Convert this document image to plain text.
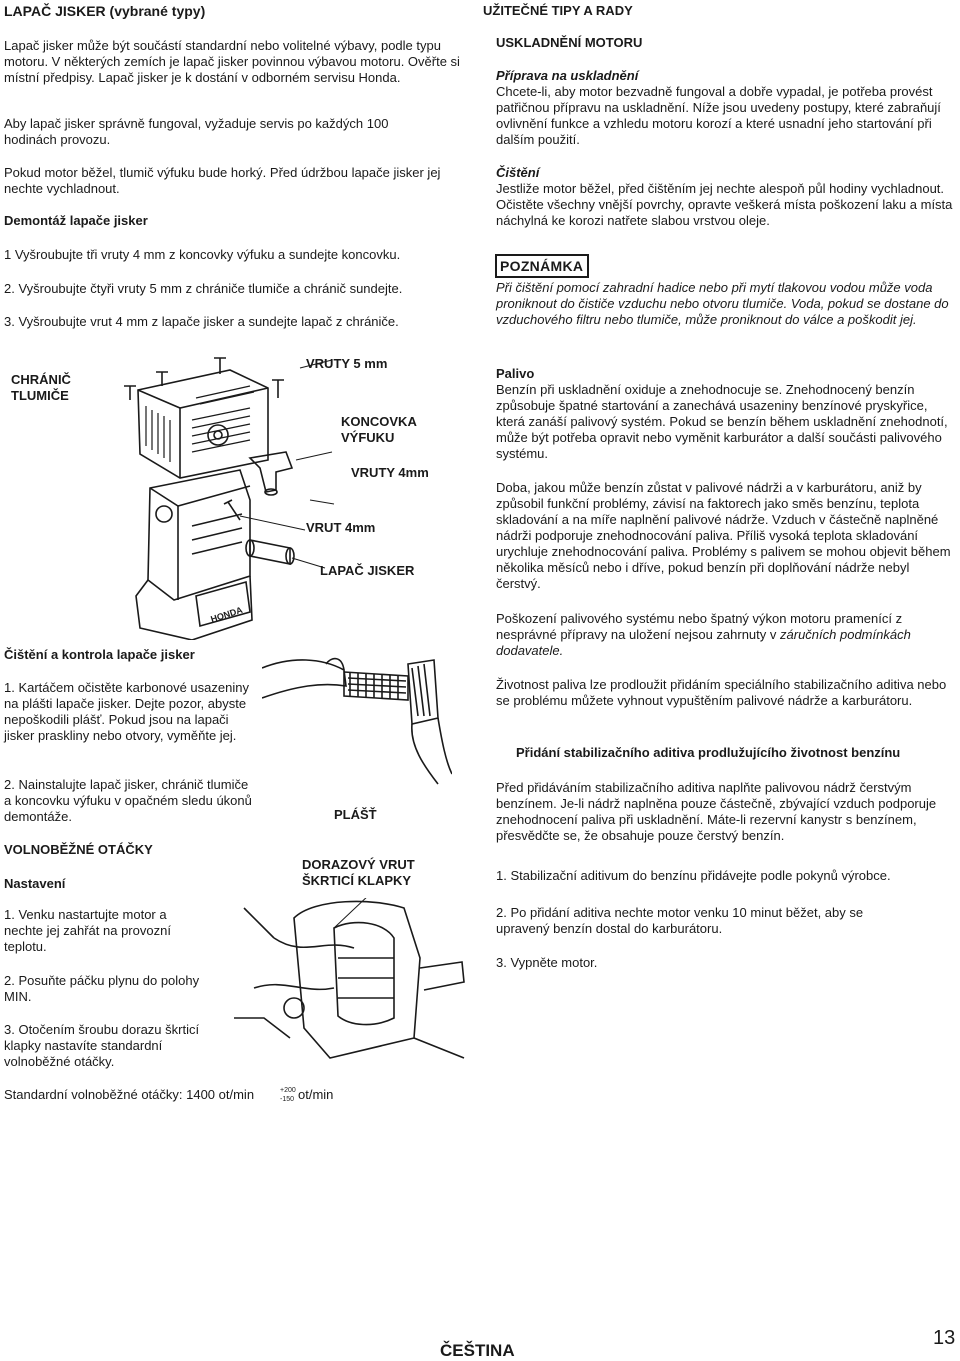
LAPAČ JISKER (vybrané typy)

Lapač jisker může být součástí standardní nebo volitelné výbavy, podle typu motoru. V některých zemích je lapač jisker povinnou výbavou motoru. Ověřte si místní předpisy. Lapač jisker je k dostání v odborném servisu Honda.

Aby lapač jisker správně fungoval, vyžaduje servis po každých 100 hodinách provozu.

Pokud motor běžel, tlumič výfuku bude horký. Před údržbou lapače jisker jej nechte vychladnout.

Demontáž lapače jisker
1 Vyšroubujte tři vruty 4 mm z koncovky výfuku a sundejte koncovku.
2. Vyšroubujte čtyři vruty 5 mm z chrániče tlumiče a chránič sundejte.
3. Vyšroubujte vrut 4 mm z lapače jisker a sundejte lapač z chrániče.
HONDA
CHRÁNIČ
TLUMIČE
VRUTY 5 mm
KONCOVKA
VÝFUKU
VRUTY 4mm
VRUT 4mm
LAPAČ JISKER
Čištění a kontrola lapače jisker
1. Kartáčem očistěte karbonové usazeniny na plášti lapače jisker. Dejte pozor, abyste nepoškodili plášť. Pokud jsou na lapači jisker praskliny nebo otvory, vyměňte jej.
2. Nainstalujte lapač jisker, chránič tlumiče a koncovku výfuku v opačném sledu úkonů demontáže.	PLÁŠŤ
DORAZOVÝ VRUT
ŠKRTICÍ KLAPKY
VOLNOBĚŽNÉ OTÁČKY
Nastavení
1. Venku nastartujte motor a nechte jej zahřát na provozní teplotu.
2. Posuňte páčku plynu do polohy MIN.
3. Otočením šroubu dorazu škrticí klapky nastavíte standardní volnoběžné otáčky.
Standardní volnoběžné otáčky: 1400 ot/min	+200
-150 ot/min
UŽITEČNÉ TIPY A RADY
USKLADNĚNÍ MOTORU
Příprava na uskladnění

Chcete-li, aby motor bezvadně fungoval a dobře vypadal, je potřeba provést patřičnou přípravu na uskladnění. Níže jsou uvedeny postupy, které zabraňují ovlivnění funkce a vzhledu motoru korozí a které usnadní jeho startování při dalším použití.

Čištění

Jestliže motor běžel, před čištěním jej nechte alespoň půl hodiny vychladnout. Očistěte všechny vnější povrchy, opravte veškerá místa poškození laku a místa náchylná ke korozi natřete slabou vrstvou oleje.

POZNÁMKA

Při čištění pomocí zahradní hadice nebo při mytí tlakovou vodou může voda proniknout do čističe vzduchu nebo otvoru tlumiče. Voda, pokud se dostane do vzduchového filtru nebo tlumiče, může proniknout do válce a poškodit jej.

Palivo

Benzín při uskladnění oxiduje a znehodnocuje se. Znehodnocený benzín způsobuje špatné startování a zanechává usazeniny benzínové pryskyřice, která zanáší palivový systém. Pokud se benzín během uskladnění znehodnotí, může být potřeba opravit nebo vyměnit karburátor a další součásti palivového systému.

Doba, jakou může benzín zůstat v palivové nádrži a v karburátoru, aniž by způsobil funkční problémy, závisí na faktorech jako směs benzínu, teplota skladování a na míře naplnění palivové nádrže. Vzduch v částečně naplněné nádrži podporuje znehodnocování paliva. Příliš vysoká teplota skladování urychluje znehodnocování paliva. Problémy s palivem se mohou objevit během několika měsíců nebo i dříve, pokud benzín při doplňování nádrže nebyl čerstvý.

Poškození palivového systému nebo špatný výkon motoru pramenící z nesprávné přípravy na uložení nejsou zahrnuty v záručních podmínkách dodavatele.

Životnost paliva lze prodloužit přidáním speciálního stabilizačního aditiva nebo se problému můžete vyhnout vypuštěním palivové nádrže a karburátoru.

Přidání stabilizačního aditiva prodlužujícího životnost benzínu

Před přidáváním stabilizačního aditiva naplňte palivovou nádrž čerstvým benzínem. Je-li nádrž naplněna pouze částečně, zbývající vzduch podporuje znehodnocení paliva při uskladnění. Máte-li rezervní kanystr s benzínem, přesvědčte se, že obsahuje pouze čerstvý benzín.

1. Stabilizační aditivum do benzínu přidávejte podle pokynů výrobce.
2. Po přidání aditiva nechte motor venku 10 minut běžet, aby se upravený benzín dostal do karburátoru.
3. Vypněte motor.
ČEŠTINA
13
